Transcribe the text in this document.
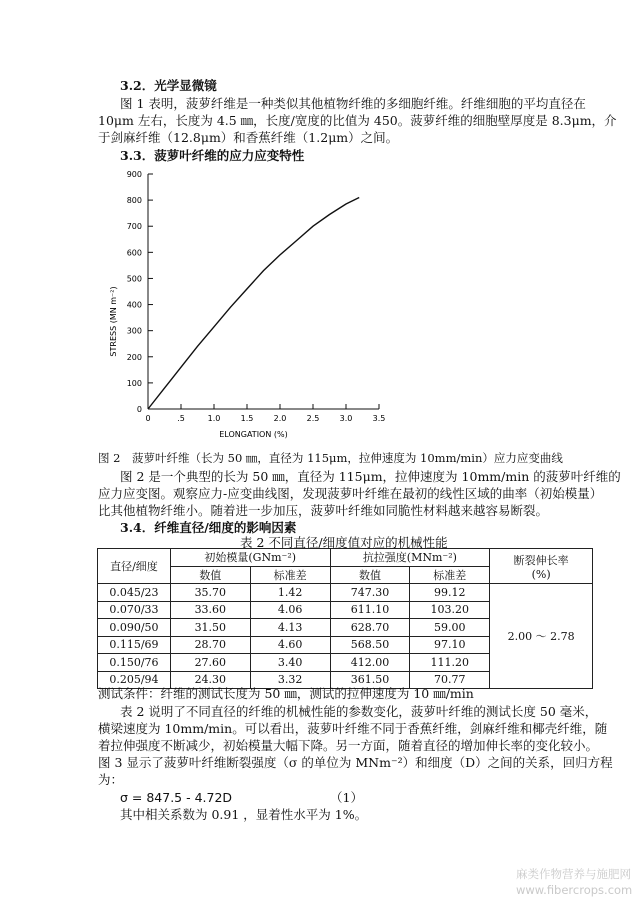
3.2．光学显微镜
图 1 表明，菠萝纤维是一种类似其他植物纤维的多细胞纤维。纤维细胞的平均直径在
10μm 左右，长度为 4.5 ㎜，长度/宽度的比值为 450。菠萝纤维的细胞壁厚度是 8.3μm，介
于剑麻纤维（12.8μm）和香蕉纤维（1.2μm）之间。
3.3．菠萝叶纤维的应力应变特性
0
100
200
300
400
500
600
700
800
900
0	.5	1.0	1.5	2.0	2.5	3.0	3.5
ELONGATION (%)
STRESS (MN m⁻²)
图 2　菠萝叶纤维（长为 50 ㎜，直径为 115μm，拉伸速度为 10mm/min）应力应变曲线
图 2 是一个典型的长为 50 ㎜，直径为 115μm，拉伸速度为 10mm/min 的菠萝叶纤维的
应力应变图。观察应力-应变曲线图，发现菠萝叶纤维在最初的线性区域的曲率（初始模量）
比其他植物纤维小。随着进一步加压，菠萝叶纤维如同脆性材料越来越容易断裂。
3.4．纤维直径/细度的影响因素
表 2 不同直径/细度值对应的机械性能
直径/细度	初始模量(GNm⁻²)		抗拉强度(MNm⁻²)		断裂伸长率
(%)
	数值	标准差	数值	标准差	
0.045/23	35.70	1.42	747.30	99.12	2.00 ～ 2.78
0.070/33	33.60	4.06	611.10	103.20	
0.090/50	31.50	4.13	628.70	59.00	
0.115/69	28.70	4.60	568.50	97.10	
0.150/76	27.60	3.40	412.00	111.20	
0.205/94	24.30	3.32	361.50	70.77	
测试条件：纤维的测试长度为 50 ㎜，测试的拉伸速度为 10 ㎜/min
表 2 说明了不同直径的纤维的机械性能的参数变化，菠萝叶纤维的测试长度 50 毫米，
横梁速度为 10mm/min。可以看出，菠萝叶纤维不同于香蕉纤维，剑麻纤维和椰壳纤维，随
着拉伸强度不断减少，初始模量大幅下降。另一方面，随着直径的增加伸长率的变化较小。
图 3 显示了菠萝叶纤维断裂强度（σ 的单位为 MNm⁻²）和细度（D）之间的关系，回归方程
为：
σ = 847.5 - 4.72D	（1）
其中相关系数为 0.91 ，显着性水平为 1%。
麻类作物营养与施肥网
www.fibercrops.com
